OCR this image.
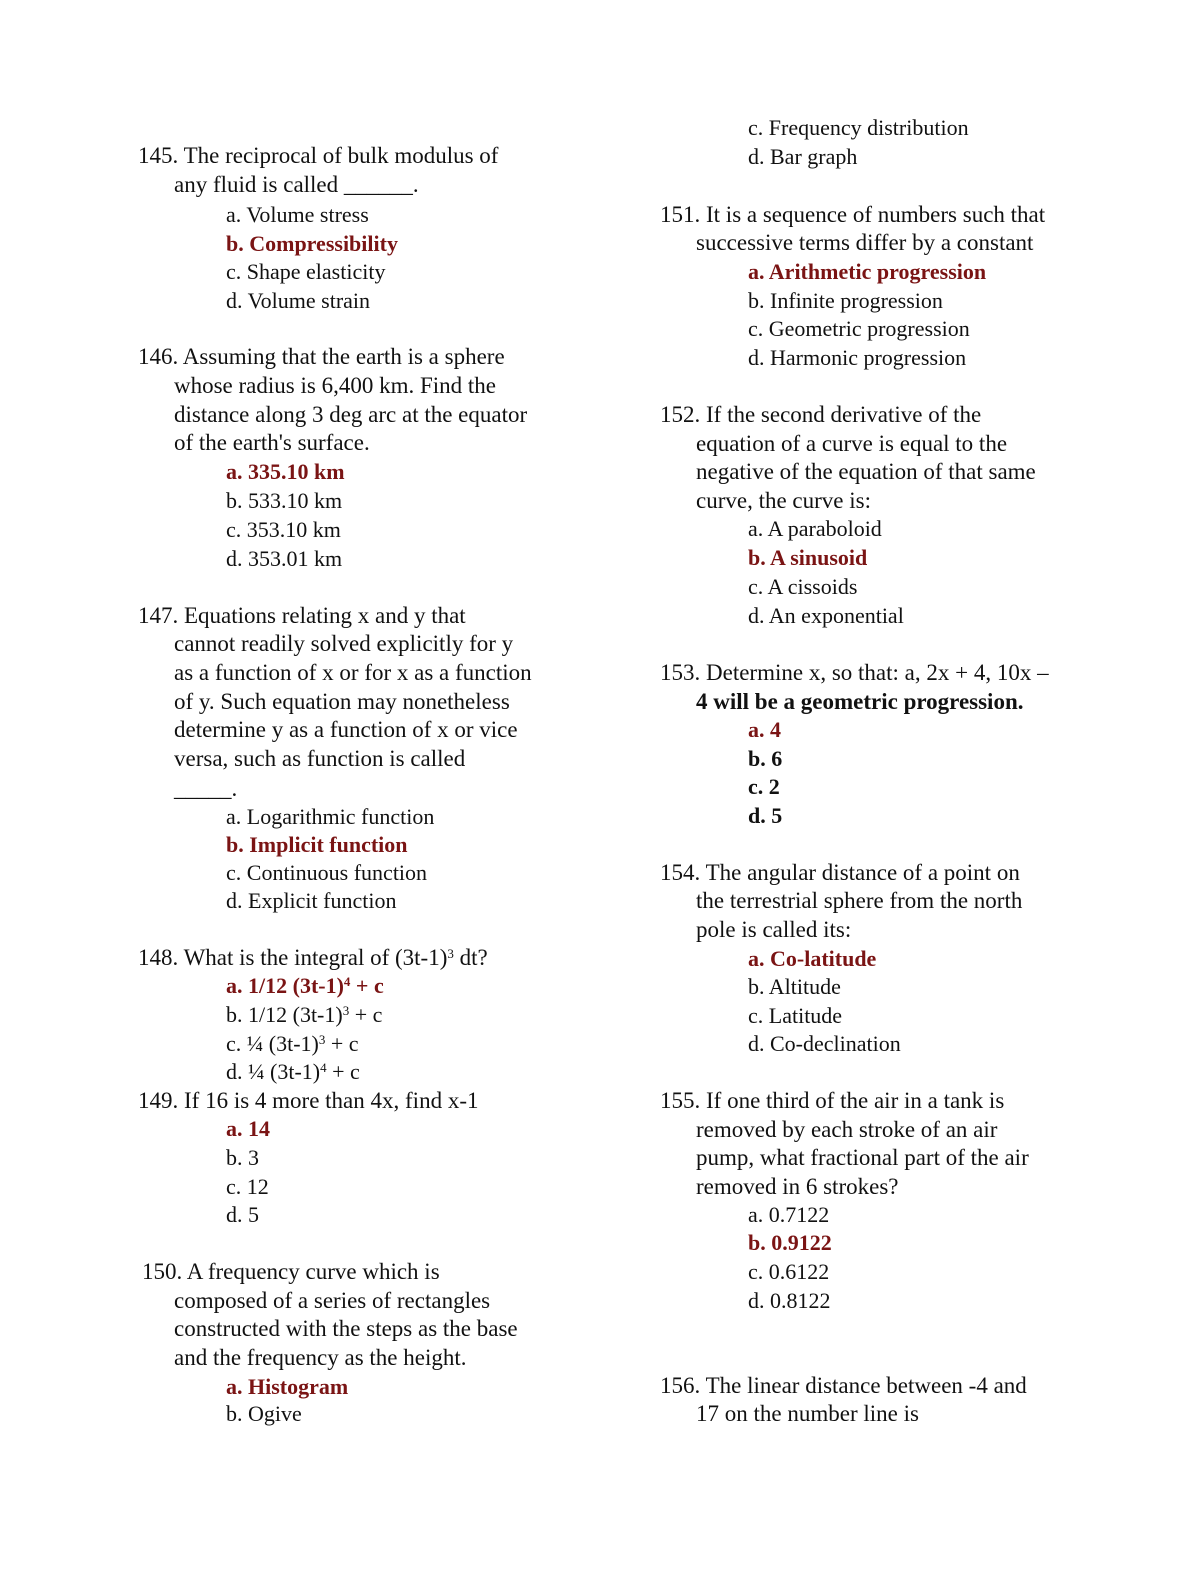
145. The reciprocal of bulk modulus of
any fluid is called ______.
a. Volume stress
b. Compressibility
c. Shape elasticity
d. Volume strain
146. Assuming that the earth is a sphere
whose radius is 6,400 km. Find the
distance along 3 deg arc at the equator
of the earth's surface.
a. 335.10 km
b. 533.10 km
c. 353.10 km
d. 353.01 km
147. Equations relating x and y that
cannot readily solved explicitly for y
as a function of x or for x as a function
of y. Such equation may nonetheless
determine y as a function of x or vice
versa, such as function is called
_____.
a. Logarithmic function
b. Implicit function
c. Continuous function
d. Explicit function
148. What is the integral of $(3t-1)^3$ dt?
a. 1/12 $(3t-1)^4 + c$
b. 1/12 $(3t-1)^3 + c$
c. ¼ $(3t-1)^3 + c$
d. ¼ $(3t-1)^4 + c$
149. If 16 is 4 more than 4x, find x-1
a. 14
b. 3
c. 12
d. 5
150. A frequency curve which is
composed of a series of rectangles
constructed with the steps as the base
and the frequency as the height.
a. Histogram
b. Ogive
c. Frequency distribution
d. Bar graph
151. It is a sequence of numbers such that
successive terms differ by a constant
a. Arithmetic progression
b. Infinite progression
c. Geometric progression
d. Harmonic progression
152. If the second derivative of the
equation of a curve is equal to the
negative of the equation of that same
curve, the curve is:
a. A paraboloid
b. A sinusoid
c. A cissoids
d. An exponential
153. Determine x, so that: a, 2x + 4, 10x –
4 will be a geometric progression.
a. 4
b. 6
c. 2
d. 5
154. The angular distance of a point on
the terrestrial sphere from the north
pole is called its:
a. Co-latitude
b. Altitude
c. Latitude
d. Co-declination
155. If one third of the air in a tank is
removed by each stroke of an air
pump, what fractional part of the air
removed in 6 strokes?
a. 0.7122
b. 0.9122
c. 0.6122
d. 0.8122
156. The linear distance between -4 and
17 on the number line is
